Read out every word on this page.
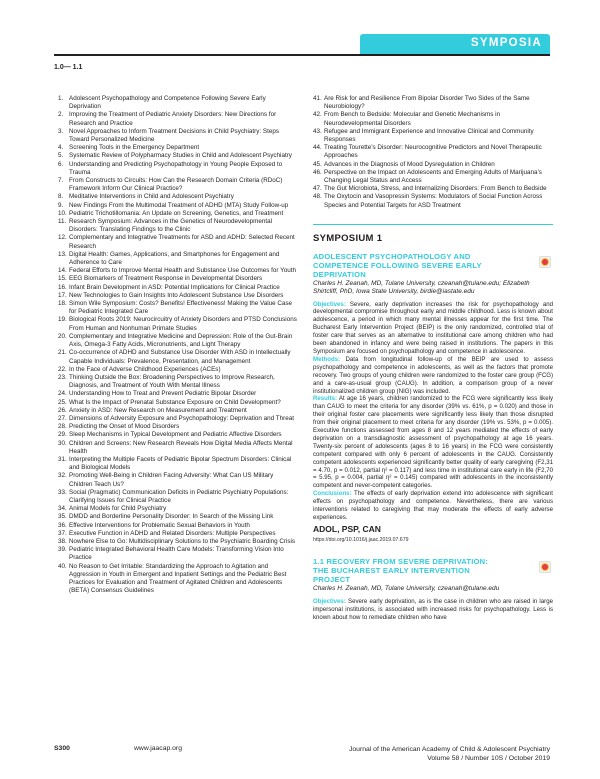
SYMPOSIA
1.0— 1.1
1. Adolescent Psychopathology and Competence Following Severe Early Deprivation
2. Improving the Treatment of Pediatric Anxiety Disorders: New Directions for Research and Practice
3. Novel Approaches to Inform Treatment Decisions in Child Psychiatry: Steps Toward Personalized Medicine
4. Screening Tools in the Emergency Department
5. Systematic Review of Polypharmacy Studies in Child and Adolescent Psychiatry
6. Understanding and Predicting Psychopathology in Young People Exposed to Trauma
7. From Constructs to Circuits: How Can the Research Domain Criteria (RDoC) Framework Inform Our Clinical Practice?
8. Meditative Interventions in Child and Adolescent Psychiatry
9. New Findings From the Multimodal Treatment of ADHD (MTA) Study Follow-up
10. Pediatric Trichotillomania: An Update on Screening, Genetics, and Treatment
11. Research Symposium: Advances in the Genetics of Neurodevelopmental Disorders: Translating Findings to the Clinic
12. Complementary and Integrative Treatments for ASD and ADHD: Selected Recent Research
13. Digital Health: Games, Applications, and Smartphones for Engagement and Adherence to Care
14. Federal Efforts to Improve Mental Health and Substance Use Outcomes for Youth
15. EEG Biomarkers of Treatment Response in Developmental Disorders
16. Infant Brain Development in ASD: Potential Implications for Clinical Practice
17. New Technologies to Gain Insights Into Adolescent Substance Use Disorders
18. Simon Wile Symposium: Costs? Benefits! Effectiveness! Making the Value Case for Pediatric Integrated Care
19. Biological Roots 2019: Neurocircuitry of Anxiety Disorders and PTSD Conclusions From Human and Nonhuman Primate Studies
20. Complementary and Integrative Medicine and Depression: Role of the Gut-Brain Axis, Omega-3 Fatty Acids, Micronutrients, and Light Therapy
21. Co-occurrence of ADHD and Substance Use Disorder With ASD in Intellectually Capable Individuals: Prevalence, Presentation, and Management
22. In the Face of Adverse Childhood Experiences (ACEs)
23. Thinking Outside the Box: Broadening Perspectives to Improve Research, Diagnosis, and Treatment of Youth With Mental Illness
24. Understanding How to Treat and Prevent Pediatric Bipolar Disorder
25. What Is the Impact of Prenatal Substance Exposure on Child Development?
26. Anxiety in ASD: New Research on Measurement and Treatment
27. Dimensions of Adversity Exposure and Psychopathology: Deprivation and Threat
28. Predicting the Onset of Mood Disorders
29. Sleep Mechanisms in Typical Development and Pediatric Affective Disorders
30. Children and Screens: New Research Reveals How Digital Media Affects Mental Health
31. Interpreting the Multiple Facets of Pediatric Bipolar Spectrum Disorders: Clinical and Biological Models
32. Promoting Well-Being in Children Facing Adversity: What Can US Military Children Teach Us?
33. Social (Pragmatic) Communication Deficits in Pediatric Psychiatry Populations: Clarifying Issues for Clinical Practice
34. Animal Models for Child Psychiatry
35. DMDD and Borderline Personality Disorder: In Search of the Missing Link
36. Effective Interventions for Problematic Sexual Behaviors in Youth
37. Executive Function in ADHD and Related Disorders: Multiple Perspectives
38. Nowhere Else to Go: Multidisciplinary Solutions to the Psychiatric Boarding Crisis
39. Pediatric Integrated Behavioral Health Care Models: Transforming Vision Into Practice
40. No Reason to Get Irritable: Standardizing the Approach to Agitation and Aggression in Youth in Emergent and Inpatient Settings and the Pediatric Best Practices for Evaluation and Treatment of Agitated Children and Adolescents (BETA) Consensus Guidelines
41. Are Risk for and Resilience From Bipolar Disorder Two Sides of the Same Neurobiology?
42. From Bench to Bedside: Molecular and Genetic Mechanisms in Neurodevelopmental Disorders
43. Refugee and Immigrant Experience and Innovative Clinical and Community Responses
44. Treating Tourette’s Disorder: Neurocognitive Predictors and Novel Therapeutic Approaches
45. Advances in the Diagnosis of Mood Dysregulation in Children
46. Perspective on the Impact on Adolescents and Emerging Adults of Marijuana’s Changing Legal Status and Access
47. The Gut Microbiota, Stress, and Internalizing Disorders: From Bench to Bedside
48. The Oxytocin and Vasopressin Systems: Modulators of Social Function Across Species and Potential Targets for ASD Treatment
SYMPOSIUM 1
ADOLESCENT PSYCHOPATHOLOGY AND COMPETENCE FOLLOWING SEVERE EARLY DEPRIVATION
Charles H. Zeanah, MD, Tulane University, czeanah@tulane.edu; Elizabeth Shirtcliff, PhD, Iowa State University, birdie@iastate.edu

Objectives: Severe, early deprivation increases the risk for psychopathology and developmental compromise throughout early and middle childhood. Less is known about adolescence, a period in which many mental illnesses appear for the first time. The Bucharest Early Intervention Project (BEIP) is the only randomized, controlled trial of foster care that serves as an alternative to institutional care among children who had been abandoned in infancy and were being raised in institutions. The papers in this Symposium are focused on psychopathology and competence in adolescence.

Methods: Data from longitudinal follow-up of the BEIP are used to assess psychopathology and competence in adolescents, as well as the factors that promote recovery. Two groups of young children were randomized to the foster care group (FCG) and a care-as-usual group (CAUG). In addition, a comparison group of a never institutionalized children group (NIG) was included.

Results: At age 16 years, children randomized to the FCG were significantly less likely than CAUG to meet the criteria for any disorder (39% vs. 61%, p = 0.020) and those in their original foster care placements were significantly less likely than those disrupted from their original placement to meet criteria for any disorder (19% vs. 53%, p = 0.005). Executive functions assessed from ages 8 and 12 years mediated the effects of early deprivation on a transdiagnostic assessment of psychopathology at age 16 years. Twenty-six percent of adolescents (ages 8 to 16 years) in the FCG were consistently competent compared with only 6 percent of adolescents in the CAUG. Consistently competent adolescents experienced significantly better quality of early caregiving (F2,31 = 4.70, p = 0.012, partial η² = 0.117) and less time in institutional care early in life (F2,70 = 5.95, p = 0.004, partial η² = 0.145) compared with adolescents in the inconsistently competent and never-competent categories.

Conclusions: The effects of early deprivation extend into adolescence with significant effects on psychopathology and competence. Nevertheless, there are various interventions related to caregiving that may moderate the effects of early adverse experiences.

ADOL, PSP, CAN
https://doi.org/10.1016/j.jaac.2019.07.679
1.1 RECOVERY FROM SEVERE DEPRIVATION: THE BUCHAREST EARLY INTERVENTION PROJECT
Charles H. Zeanah, MD, Tulane University, czeanah@tulane.edu

Objectives: Severe early deprivation, as is the case in children who are raised in large impersonal institutions, is associated with increased risks for psychopathology. Less is known about how to remediate children who have

S300	www.jaacap.org	Journal of the American Academy of Child & Adolescent Psychiatry
Volume 58 / Number 10S / October 2019
